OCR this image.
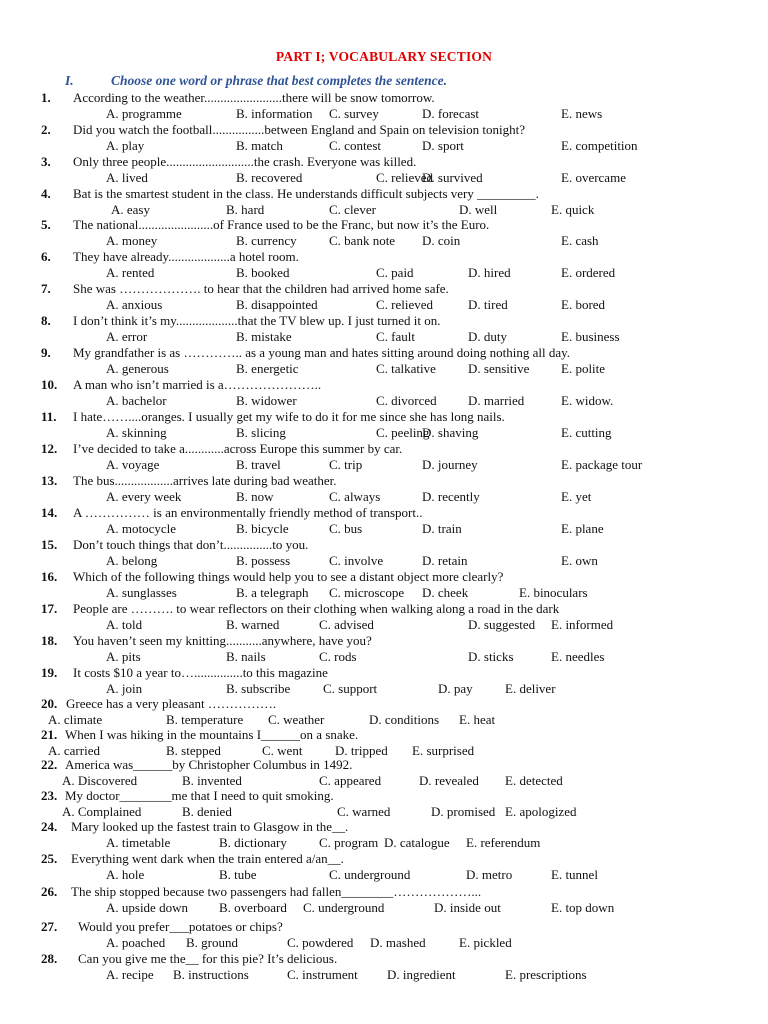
PART I; VOCABULARY SECTION
I.	Choose one word or phrase that best completes the sentence.
1. According to the weather........................there will be snow tomorrow.
A. programme	B. information C. survey	D. forecast	E. news
2. Did you watch the football................between England and Spain on television tonight?
A. play	B. match	C. contest	D. sport	E. competition
3. Only three people...........................the crash. Everyone was killed.
A. lived	B. recovered	C. relieved
D. survived	E. overcame
4. Bat is the smartest student in the class. He understands difficult subjects very _________.
A. easy	B. hard	C. clever	D. well	E. quick
5. The national.......................of France used to be the Franc, but now it’s the Euro.
A. money	B. currency C. bank note D. coin	E. cash
6. They have already...................a hotel room.
A. rented	B. booked	C. paid	D. hired	E. ordered
7. She was ………………. to hear that the children had arrived home safe.
A. anxious	B. disappointed	C. relieved	D. tired	E. bored
8. I don’t think it’s my...................that the TV blew up. I just turned it on.
A. error	B. mistake	C. fault	D. duty	E. business
9. My grandfather is as ………….. as a young man and hates sitting around doing nothing all day.
A. generous	B. energetic	C. talkative D. sensitive E. polite
10. A man who isn’t married is a…………………..
A. bachelor	B. widower	C. divorced D. married	E. widow.
11. I hate……....oranges. I usually get my wife to do it for me since she has long nails.
A. skinning	B. slicing	C. peeling
D. shaving	E. cutting
12. I’ve decided to take a............across Europe this summer by car.
A. voyage	B. travel	C. trip	D. journey	E. package tour
13. The bus..................arrives late during bad weather.
A. every week	B. now	C. always	D. recently	E. yet
14. A …………… is an environmentally friendly method of transport..
A. motocycle	B. bicycle	C. bus	D. train	E. plane
15. Don’t touch things that don’t...............to you.
A. belong	B. possess	C. involve	D. retain	E. own
16. Which of the following things would help you to see a distant object more clearly?
A. sunglasses	B. a telegraph C. microscope D. cheek	E. binoculars
17. People are ………. to wear reflectors on their clothing when walking along a road in the dark
A. told	B. warned	C. advised	D. suggested E. informed
18. You haven’t seen my knitting...........anywhere, have you?
A. pits	B. nails	C. rods	D. sticks	E. needles
19. It costs $10 a year to…...............to this magazine
A. join	B. subscribe	C. support	D. pay E. deliver
20. Greece has a very pleasant …………….
A. climate	B. temperature C. weather	D. conditions E. heat
21. When I was hiking in the mountains I______on a snake.
A. carried	B. stepped	C. went	D. tripped E. surprised
22. America was______by Christopher Columbus in 1492.
A. Discovered	B. invented	C. appeared	D. revealed E. detected
23. My doctor________me that I need to quit smoking.
A. Complained	B. denied	C. warned	D. promised E. apologized
24. Mary looked up the fastest train to Glasgow in the__.
A. timetable	B. dictionary C. program D. catalogue E. referendum
25. Everything went dark when the train entered a/an__.
A. hole	B. tube	C. underground	D. metro	E. tunnel
26. The ship stopped because two passengers had fallen________………………...
A. upside down B. overboard C. underground	D. inside out	E. top down
27. Would you prefer___potatoes or chips?
A. poached B. ground	C. powdered D. mashed	E. pickled
28. Can you give me the__ for this pie? It’s delicious.
A. recipe B. instructions	C. instrument D. ingredient	E. prescriptions
